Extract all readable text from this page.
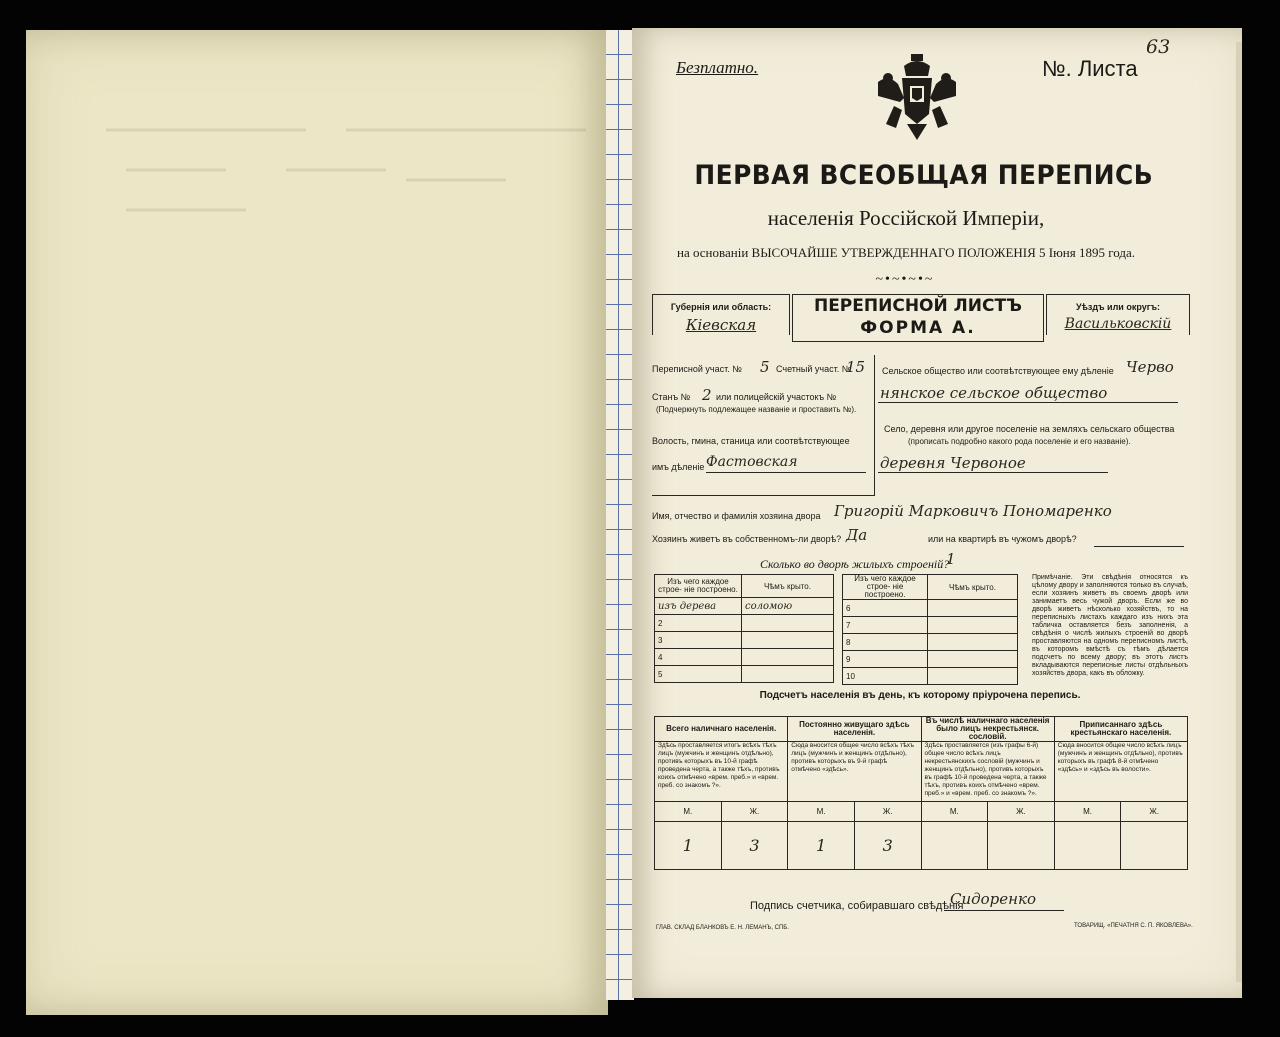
Безплатно.	№. Листа
63
ПЕРВАЯ ВСЕОБЩАЯ ПЕРЕПИСЬ
населенія Россійской Имперіи,
на основаніи ВЫСОЧАЙШЕ УТВЕРЖДЕННАГО ПОЛОЖЕНІЯ 5 Іюня 1895 года.
~•~•~•~
Губернія или область:
Кіевская
ПЕРЕПИСНОЙ ЛИСТЪ
ФОРМА А.
Уѣздъ или округъ:
Васильковскій
Переписной участ. № 5 Счетный участ. №
15
Станъ № 2 или полицейскій участокъ №
(Подчеркнуть подлежащее названіе и проставить №).
Волость, гмина, станица или соотвѣтствующее
имъ дѣленіе Фастовская
Сельское общество или соотвѣтствующее ему дѣленіе Черво
нянское сельское общество
Село, деревня или другое поселеніе на земляхъ сельскаго общества
(прописать подробно какого рода поселеніе и его названіе).
деревня Червоное
Имя, отчество и фамилія хозяина двора Григорій Марковичъ Пономаренко
Хозяинъ живетъ въ собственномъ-ли дворѣ? Да	или на квартирѣ въ чужомъ дворѣ?
Сколько во дворѣ жилыхъ строеній?
1
Изъ чего каждое строе- ніе построено.	Чѣмъ крыто.
изъ дерева	соломою
2	
3	
4	
5	
Изъ чего каждое строе- ніе построено.	Чѣмъ крыто.
6	
7	
8	
9	
10	
Примѣчаніе. Эти свѣдѣнія относятся къ цѣлому двору и заполняются только въ случаѣ, если хозяинъ живетъ въ своемъ дворѣ или занимаетъ весь чужой дворъ. Если же во дворѣ живетъ нѣсколько хозяйствъ, то на переписныхъ листахъ каждаго изъ нихъ эта табличка оставляется безъ заполненія, а свѣдѣнія о числѣ жилыхъ строеній во дворѣ проставляются на одномъ переписномъ листѣ, въ которомъ вмѣстѣ съ тѣмъ дѣлается подсчетъ по всему двору; въ этотъ листъ вкладываются переписные листы отдѣльныхъ хозяйствъ двора, какъ въ обложку.
Подсчетъ населенія въ день, къ которому пріурочена перепись.
Всего наличнаго населенія.		Постоянно живущаго здѣсь населенія.		Въ числѣ наличнаго населенія было лицъ некрестьянск. сословій.		Приписаннаго здѣсь крестьянскаго населенія.	
Здѣсь проставляется итогъ всѣхъ тѣхъ лицъ (мужчинъ и женщинъ отдѣльно), противъ которыхъ въ 10-й графѣ проведена черта, а также тѣхъ, противъ коихъ отмѣчено «врем. преб.» и «врем. преб. со знакомъ ?».		Сюда вносится общее число всѣхъ тѣхъ лицъ (мужчинъ и женщинъ отдѣльно), противъ которыхъ въ 9-й графѣ отмѣчено «здѣсь».		Здѣсь проставляется (изъ графы 6-й) общее число всѣхъ лицъ некрестьянскихъ сословій (мужчинъ и женщинъ отдѣльно), противъ которыхъ въ графѣ 10-й проведена черта, а также тѣхъ, противъ коихъ отмѣчено «врем. преб.» и «врем. преб. со знакомъ ?».		Сюда вносится общее число всѣхъ лицъ (мужчинъ и женщинъ отдѣльно), противъ которыхъ въ графѣ 8-й отмѣчено «здѣсь» и «здѣсь въ волости».	
М.	Ж.	М.	Ж.	М.	Ж.	М.	Ж.
1	3	1	3				
Подпись счетчика, собиравшаго свѣдѣнія
Сидоренко
ГЛАВ. СКЛАД БЛАНКОВЪ Е. Н. ЛЕМАНЪ, СПБ.	ТОВАРИЩ. «ПЕЧАТНЯ С. П. ЯКОВЛЕВА».
